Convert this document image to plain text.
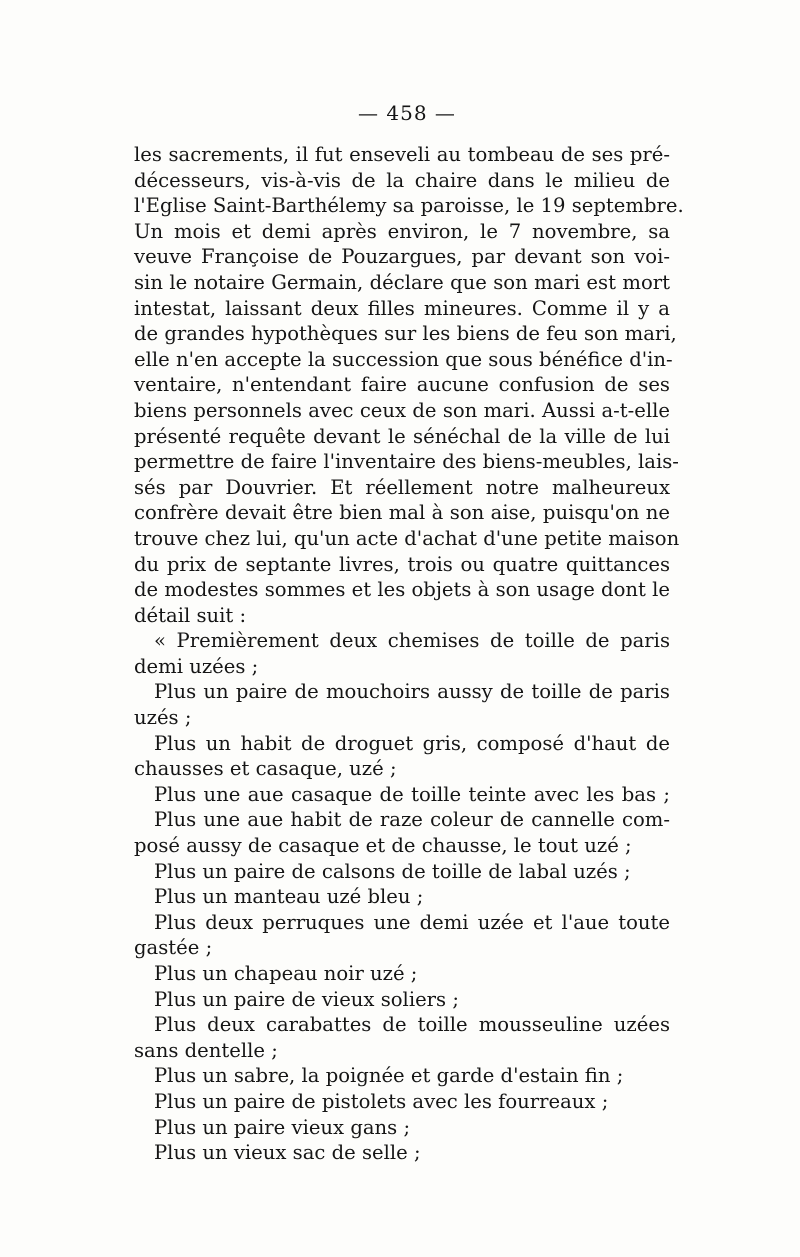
— 458 —
les sacrements, il fut enseveli au tombeau de ses pré-
décesseurs, vis-à-vis de la chaire dans le milieu de
l'Eglise Saint-Barthélemy sa paroisse, le 19 septembre.
Un mois et demi après environ, le 7 novembre, sa
veuve Françoise de Pouzargues, par devant son voi-
sin le notaire Germain, déclare que son mari est mort
intestat, laissant deux filles mineures. Comme il y a
de grandes hypothèques sur les biens de feu son mari,
elle n'en accepte la succession que sous bénéfice d'in-
ventaire, n'entendant faire aucune confusion de ses
biens personnels avec ceux de son mari. Aussi a-t-elle
présenté requête devant le sénéchal de la ville de lui
permettre de faire l'inventaire des biens-meubles, lais-
sés par Douvrier. Et réellement notre malheureux
confrère devait être bien mal à son aise, puisqu'on ne
trouve chez lui, qu'un acte d'achat d'une petite maison
du prix de septante livres, trois ou quatre quittances
de modestes sommes et les objets à son usage dont le
détail suit :
« Premièrement deux chemises de toille de paris
demi uzées ;
Plus un paire de mouchoirs aussy de toille de paris
uzés ;
Plus un habit de droguet gris, composé d'haut de
chausses et casaque, uzé ;
Plus une aue casaque de toille teinte avec les bas ;
Plus une aue habit de raze coleur de cannelle com-
posé aussy de casaque et de chausse, le tout uzé ;
Plus un paire de calsons de toille de labal uzés ;
Plus un manteau uzé bleu ;
Plus deux perruques une demi uzée et l'aue toute
gastée ;
Plus un chapeau noir uzé ;
Plus un paire de vieux soliers ;
Plus deux carabattes de toille mousseuline uzées
sans dentelle ;
Plus un sabre, la poignée et garde d'estain fin ;
Plus un paire de pistolets avec les fourreaux ;
Plus un paire vieux gans ;
Plus un vieux sac de selle ;
